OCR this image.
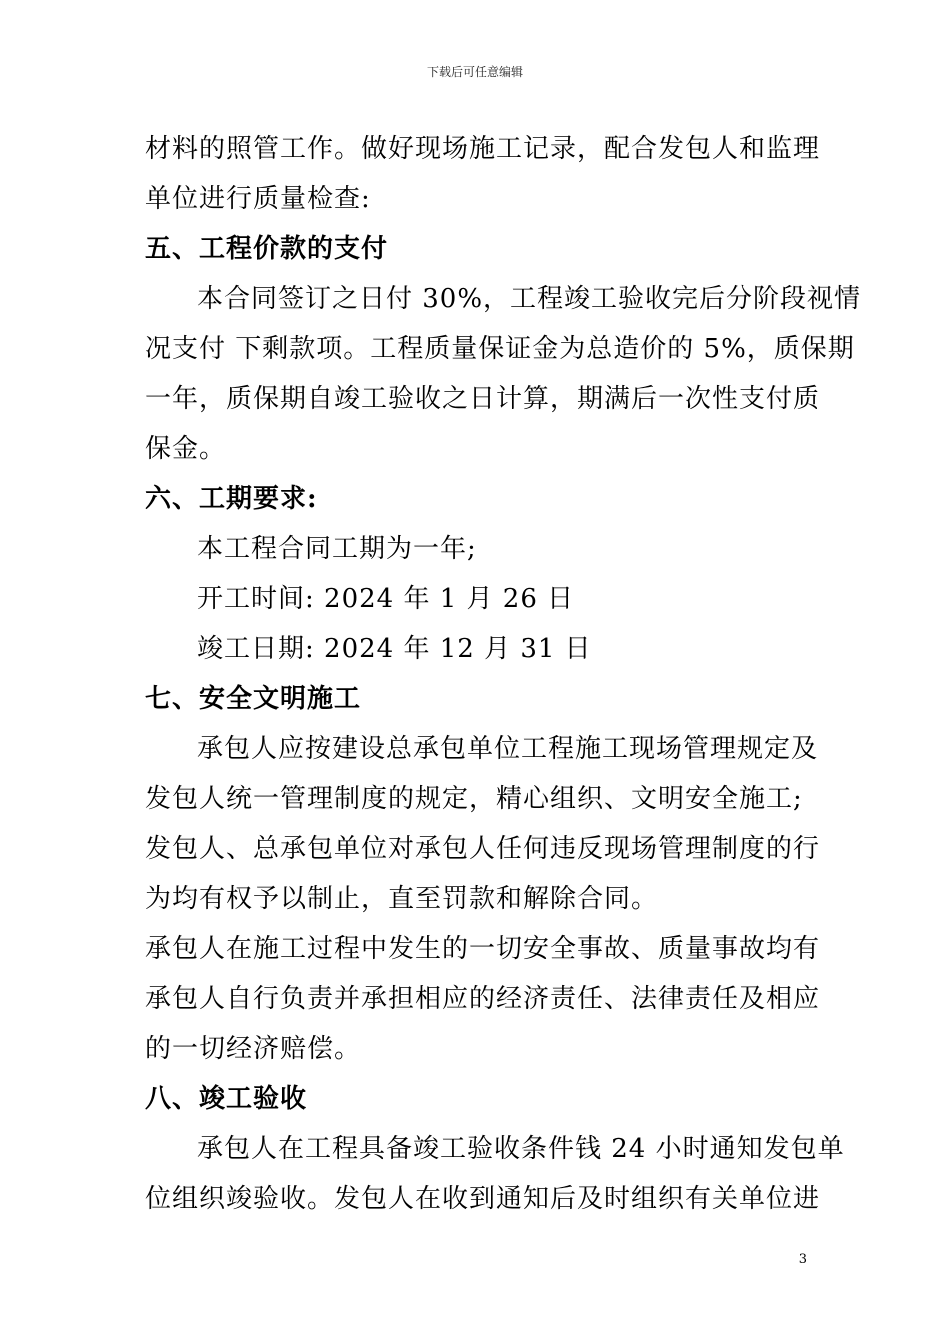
下载后可任意编辑
材料的照管工作。做好现场施工记录，配合发包人和监理
单位进行质量检查:
五、工程价款的支付
本合同签订之日付 30%，工程竣工验收完后分阶段视情
况支付 下剩款项。工程质量保证金为总造价的 5%，质保期
一年，质保期自竣工验收之日计算，期满后一次性支付质
保金。
六、工期要求:
本工程合同工期为一年;
开工时间: 2024 年 1 月 26 日
竣工日期: 2024 年 12 月 31 日
七、安全文明施工
承包人应按建设总承包单位工程施工现场管理规定及
发包人统一管理制度的规定，精心组织、文明安全施工;
发包人、总承包单位对承包人任何违反现场管理制度的行
为均有权予以制止，直至罚款和解除合同。
承包人在施工过程中发生的一切安全事故、质量事故均有
承包人自行负责并承担相应的经济责任、法律责任及相应
的一切经济赔偿。
八、竣工验收
承包人在工程具备竣工验收条件钱 24 小时通知发包单
位组织竣验收。发包人在收到通知后及时组织有关单位进
3
